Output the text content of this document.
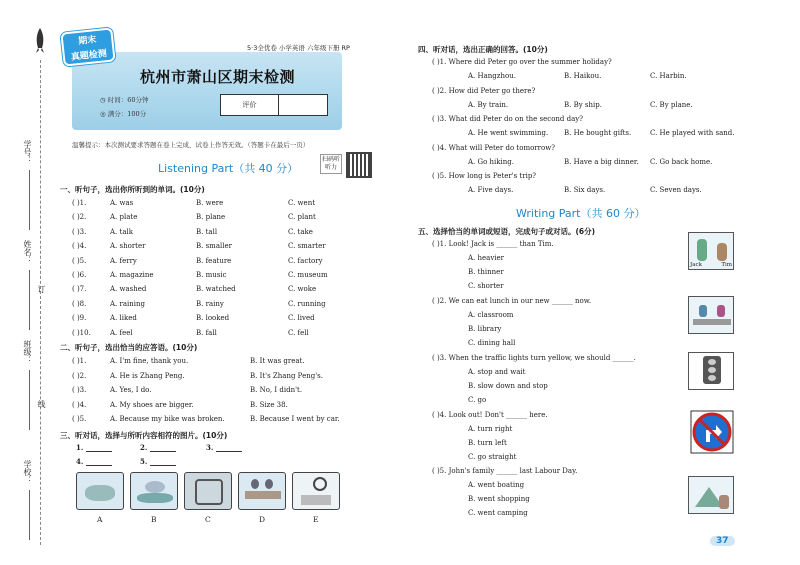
学号：
姓名：
班级：
学校：
订
线
期末
真题检测
5·3全优卷 小学英语 六年级下册 RP
杭州市萧山区期末检测
◷ 时间：60分钟
◎ 满分：100分
评价
温馨提示：本次测试要求答题在卷上完成，试卷上作答无效。（答题卡在最后一页）
Listening Part（共 40 分）
扫码听听力
一、听句子，选出你所听到的单词。(10分)
( )1.	A. was	B. were	C. went
( )2.	A. plate	B. plane	C. plant
( )3.	A. talk	B. tall	C. take
( )4.	A. shorter	B. smaller	C. smarter
( )5.	A. ferry	B. feature	C. factory
( )6.	A. magazine	B. music	C. museum
( )7.	A. washed	B. watched	C. woke
( )8.	A. raining	B. rainy	C. running
( )9.	A. liked	B. looked	C. lived
( )10.	A. feel	B. fall	C. fell
二、听句子，选出恰当的应答语。(10分)
( )1.	A. I'm fine, thank you.	B. It was great.
( )2.	A. He is Zhang Peng.	B. It's Zhang Peng's.
( )3.	A. Yes, I do.	B. No, I didn't.
( )4.	A. My shoes are bigger.	B. Size 38.
( )5.	A. Because my bike was broken.	B. Because I went by car.
三、听对话，选择与所听内容相符的图片。(10分)
1.	2.	3.
4.	5.
A	B	C	D	E
四、听对话，选出正确的回答。(10分)
( )1. Where did Peter go over the summer holiday?
A. Hangzhou.	B. Haikou.	C. Harbin.
( )2. How did Peter go there?
A. By train.	B. By ship.	C. By plane.
( )3. What did Peter do on the second day?
A. He went swimming. B. He bought gifts.	C. He played with sand.
( )4. What will Peter do tomorrow?
A. Go hiking.	B. Have a big dinner. C. Go back home.
( )5. How long is Peter's trip?
A. Five days.	B. Six days.	C. Seven days.
Writing Part（共 60 分）
五、选择恰当的单词或短语，完成句子或对话。(6分)
( )1. Look! Jack is ______ than Tim.
A. heavier
B. thinner
C. shorter
( )2. We can eat lunch in our new ______ now.
A. classroom
B. library
C. dining hall
( )3. When the traffic lights turn yellow, we should ______.
A. stop and wait
B. slow down and stop
C. go
( )4. Look out! Don't ______ here.
A. turn right
B. turn left
C. go straight
( )5. John's family ______ last Labour Day.
A. went boating
B. went shopping
C. went camping
Jack	Tim
37
